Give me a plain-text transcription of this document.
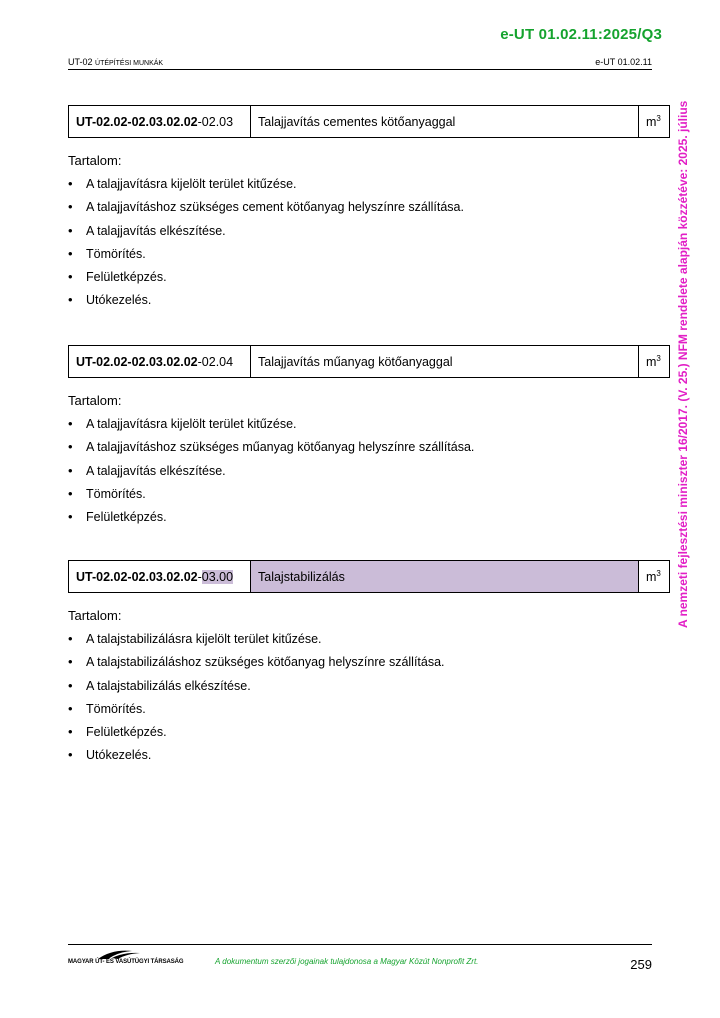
e-UT 01.02.11:2025/Q3
UT-02 ÚTÉPÍTÉSI MUNKÁK	e-UT 01.02.11
A nemzeti fejlesztési miniszter 16/2017. (V. 25.) NFM rendelete alapján közzétéve: 2025. július
UT-02.02-02.03.02.02-02.03	Talajjavítás cementes kötőanyaggal	$m^3$
Tartalom:
• A talajjavításra kijelölt terület kitűzése.
• A talajjavításhoz szükséges cement kötőanyag helyszínre szállítása.
• A talajjavítás elkészítése.
• Tömörítés.
• Felületképzés.
• Utókezelés.
UT-02.02-02.03.02.02-02.04	Talajjavítás műanyag kötőanyaggal	$m^3$
Tartalom:
• A talajjavításra kijelölt terület kitűzése.
• A talajjavításhoz szükséges műanyag kötőanyag helyszínre szállítása.
• A talajjavítás elkészítése.
• Tömörítés.
• Felületképzés.
UT-02.02-02.03.02.02-03.00	Talajstabilizálás	$m^3$
Tartalom:
• A talajstabilizálásra kijelölt terület kitűzése.
• A talajstabilizáláshoz szükséges kötőanyag helyszínre szállítása.
• A talajstabilizálás elkészítése.
• Tömörítés.
• Felületképzés.
• Utókezelés.
MAGYAR ÚT- ÉS VASÚTÜGYI TÁRSASÁG	A dokumentum szerzői jogainak tulajdonosa a Magyar Közút Nonprofit Zrt.	259
